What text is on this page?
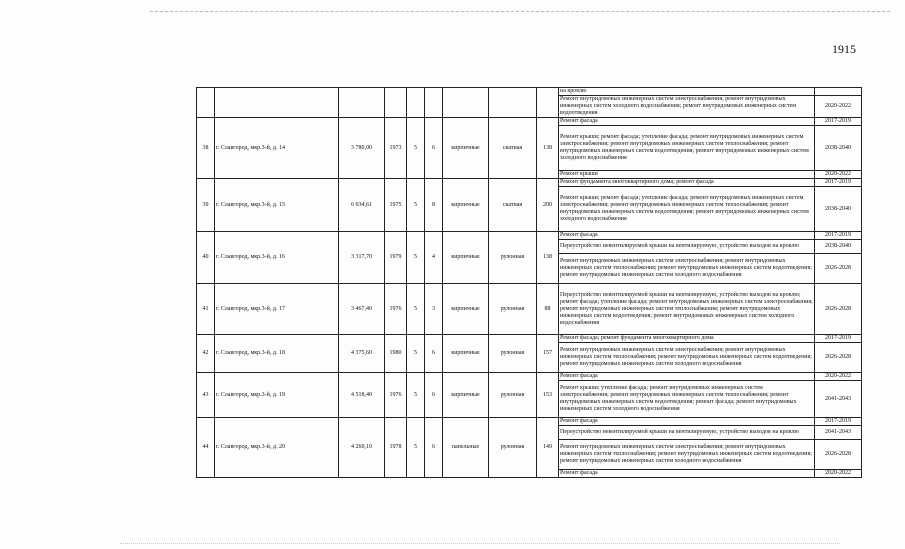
1915
									на кровлю	
									Ремонт внутридомовых инженерных систем электроснабжения; ремонт внутридомовых инженерных систем холодного водоснабжения; ремонт внутридомовых инженерных систем водоотведения	2020-2022
38	г. Славгород, мкр.3-й, д. 14	3 780,00	1973	5	6	кирпичные	скатная	138	Ремонт фасада	2017-2019
									Ремонт крыши; ремонт фасада; утепление фасада; ремонт внутридомовых инженерных систем электроснабжения; ремонт внутридомовых инженерных систем теплоснабжения; ремонт внутридомовых инженерных систем водоотведения; ремонт внутридомовых инженерных систем холодного водоснабжения	2038-2040
									Ремонт крыши	2020-2022
39	г. Славгород, мкр.3-й, д. 15	6 034,61	1975	5	8	кирпичные	скатная	200	Ремонт фундамента многоквартирного дома; ремонт фасада	2017-2019
									Ремонт крыши; ремонт фасада; утепление фасада; ремонт внутридомовых инженерных систем электроснабжения; ремонт внутридомовых инженерных систем теплоснабжения; ремонт внутридомовых инженерных систем водоотведения; ремонт внутридомовых инженерных систем холодного водоснабжения	2038-2040
40	г. Славгород, мкр.3-й, д. 16	3 317,70	1979	5	4	кирпичные	рулонная	138	Ремонт фасада	2017-2019
									Переустройство невентилируемой крыши на вентилируемую, устройство выходов на кровлю	2038-2040
									Ремонт внутридомовых инженерных систем электроснабжения; ремонт внутридомовых инженерных систем теплоснабжения; ремонт внутридомовых инженерных систем водоотведения; ремонт внутридомовых инженерных систем холодного водоснабжения	2026-2028
41	г. Славгород, мкр.3-й, д. 17	3 467,40	1976	5	3	кирпичные	рулонная	88	Переустройство невентилируемой крыши на вентилируемую, устройство выходов на кровлю; ремонт фасада; утепление фасада; ремонт внутридомовых инженерных систем электроснабжения; ремонт внутридомовых инженерных систем теплоснабжения; ремонт внутридомовых инженерных систем водоотведения; ремонт внутридомовых инженерных систем холодного водоснабжения	2026-2028
42	г. Славгород, мкр.3-й, д. 18	4 375,60	1980	5	6	кирпичные	рулонная	157	Ремонт фасада; ремонт фундамента многоквартирного дома	2017-2019
									Ремонт внутридомовых инженерных систем электроснабжения; ремонт внутридомовых инженерных систем теплоснабжения; ремонт внутридомовых инженерных систем водоотведения; ремонт внутридомовых инженерных систем холодного водоснабжения	2026-2028
43	г. Славгород, мкр.3-й, д. 19	4 518,40	1976	5	6	кирпичные	рулонная	153	Ремонт фасада	2020-2022
									Ремонт крыши; утепление фасада; ремонт внутридомовых инженерных систем электроснабжения; ремонт внутридомовых инженерных систем теплоснабжения; ремонт внутридомовых инженерных систем водоотведения; ремонт фасада; ремонт внутридомовых инженерных систем холодного водоснабжения	2041-2043
44	г. Славгород, мкр.3-й, д. 20	4 260,10	1978	5	6	панельные	рулонная	149	Ремонт фасада	2017-2019
									Переустройство невентилируемой крыши на вентилируемую, устройство выходов на кровлю	2041-2043
									Ремонт внутридомовых инженерных систем электроснабжения; ремонт внутридомовых инженерных систем теплоснабжения; ремонт внутридомовых инженерных систем водоотведения; ремонт внутридомовых инженерных систем холодного водоснабжения	2026-2028
									Ремонт фасада	2020-2022
